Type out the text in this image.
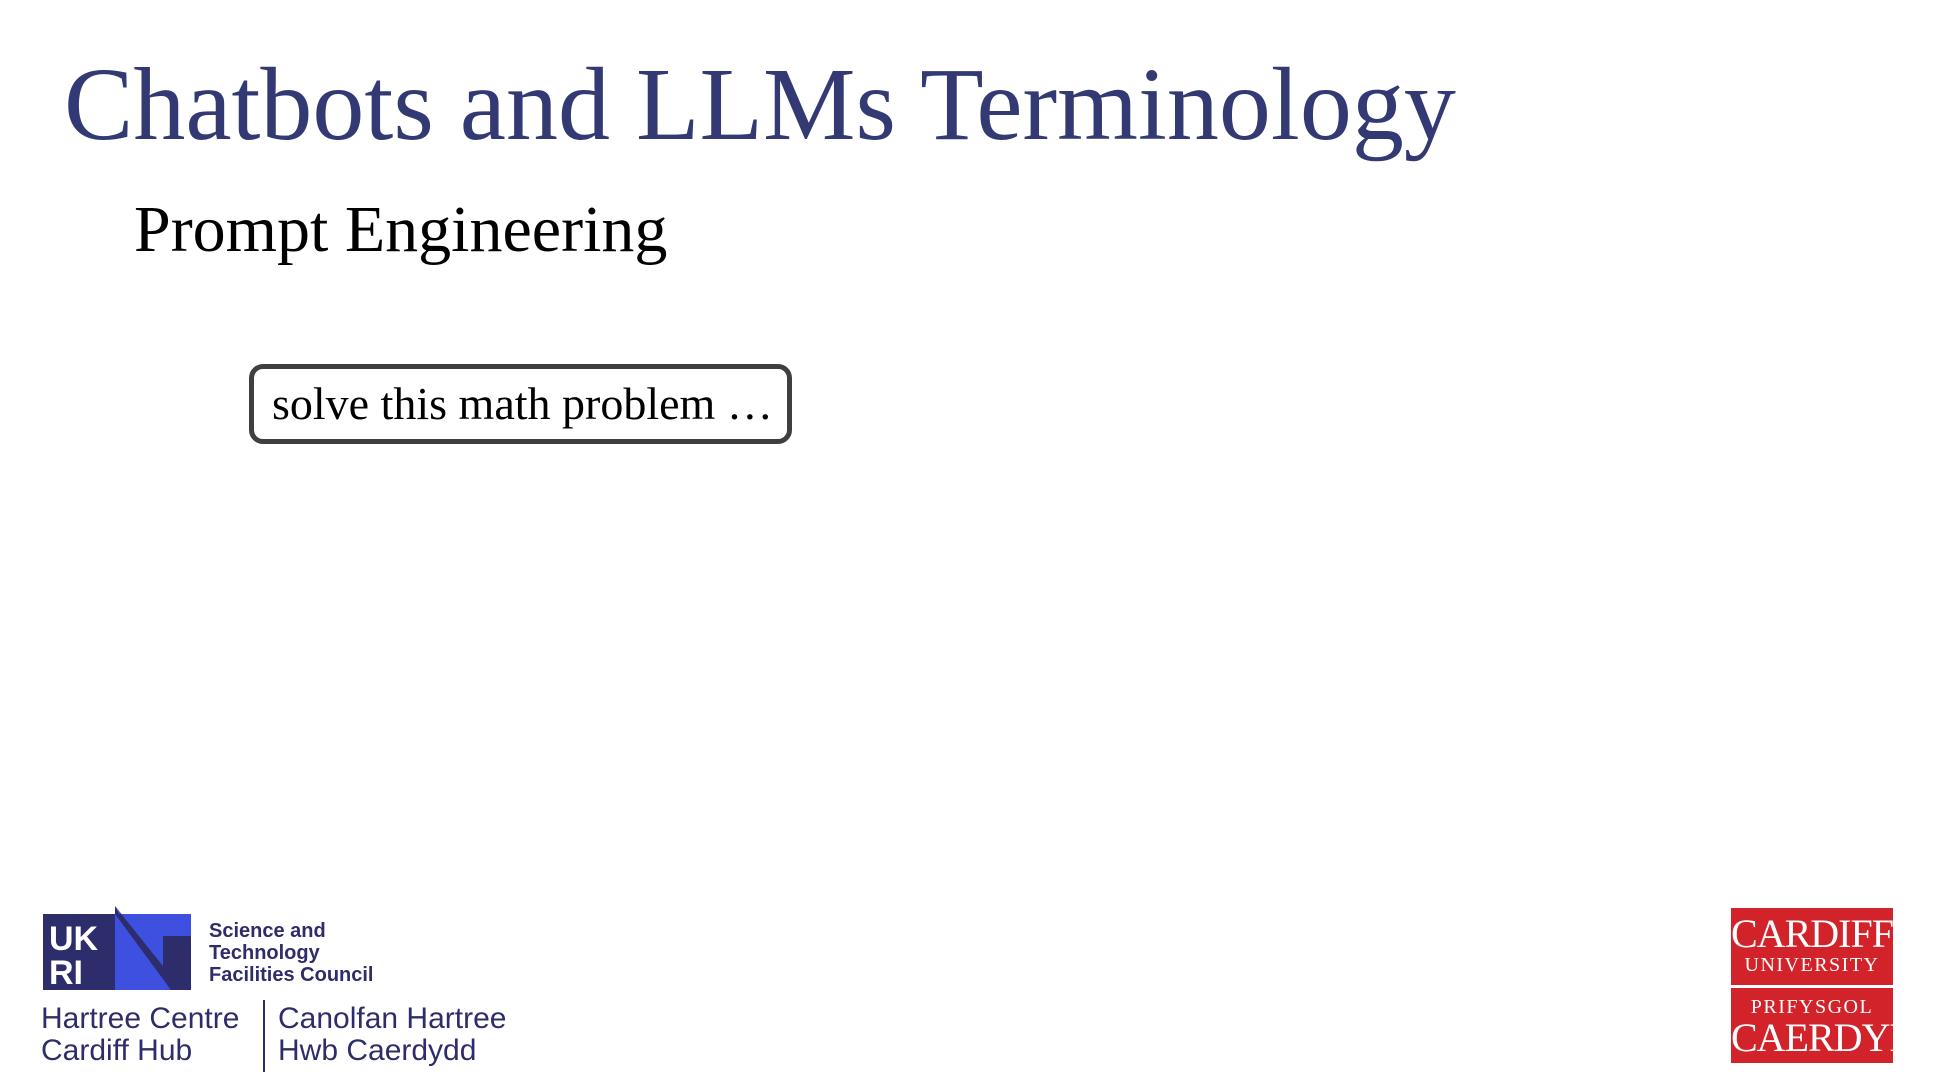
Chatbots and LLMs Terminology
Prompt Engineering
solve this math problem …
UK
RI
Science and
Technology
Facilities Council
Hartree Centre
Cardiff Hub
Canolfan Hartree
Hwb Caerdydd
CARDIFF
UNIVERSITY
PRIFYSGOL
CAERDYDD
